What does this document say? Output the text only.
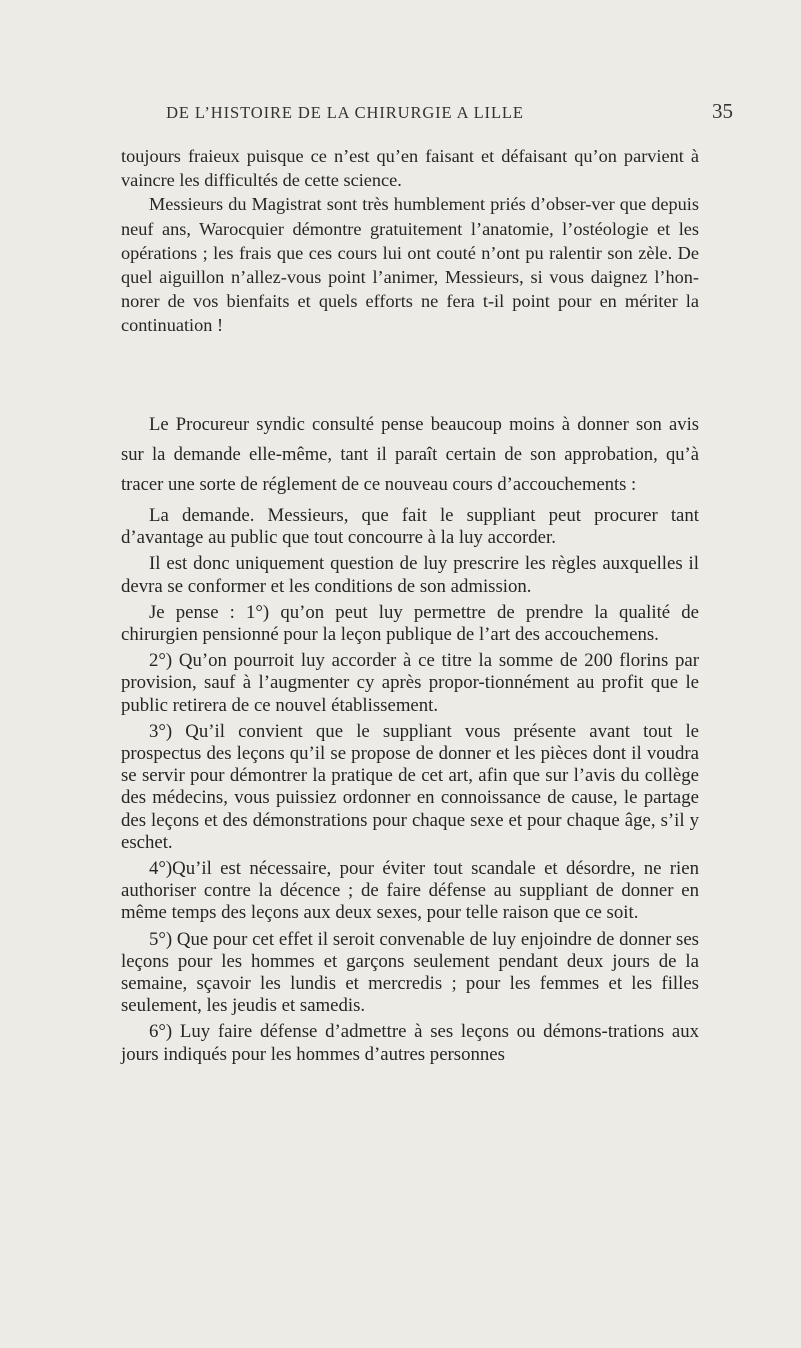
DE L’HISTOIRE DE LA CHIRURGIE A LILLE	35

toujours fraieux puisque ce n’est qu’en faisant et défaisant qu’on parvient à vaincre les difficultés de cette science.

Messieurs du Magistrat sont très humblement priés d’obser-ver que depuis neuf ans, Warocquier démontre gratuitement l’anatomie, l’ostéologie et les opérations ; les frais que ces cours lui ont couté n’ont pu ralentir son zèle. De quel aiguillon n’allez-vous point l’animer, Messieurs, si vous daignez l’hon-norer de vos bienfaits et quels efforts ne fera t-il point pour en mériter la continuation !

Le Procureur syndic consulté pense beaucoup moins à donner son avis sur la demande elle-même, tant il paraît certain de son approbation, qu’à tracer une sorte de réglement de ce nouveau cours d’accouchements :

La demande. Messieurs, que fait le suppliant peut procurer tant d’avantage au public que tout concourre à la luy accorder.

Il est donc uniquement question de luy prescrire les règles auxquelles il devra se conformer et les conditions de son admission.

Je pense : 1°) qu’on peut luy permettre de prendre la qualité de chirurgien pensionné pour la leçon publique de l’art des accouchemens.

2°) Qu’on pourroit luy accorder à ce titre la somme de 200 florins par provision, sauf à l’augmenter cy après propor-tionnément au profit que le public retirera de ce nouvel établissement.

3°) Qu’il convient que le suppliant vous présente avant tout le prospectus des leçons qu’il se propose de donner et les pièces dont il voudra se servir pour démontrer la pratique de cet art, afin que sur l’avis du collège des médecins, vous puissiez ordonner en connoissance de cause, le partage des leçons et des démonstrations pour chaque sexe et pour chaque âge, s’il y eschet.

4°)Qu’il est nécessaire, pour éviter tout scandale et désordre, ne rien authoriser contre la décence ; de faire défense au suppliant de donner en même temps des leçons aux deux sexes, pour telle raison que ce soit.

5°) Que pour cet effet il seroit convenable de luy enjoindre de donner ses leçons pour les hommes et garçons seulement pendant deux jours de la semaine, sçavoir les lundis et mercredis ; pour les femmes et les filles seulement, les jeudis et samedis.

6°) Luy faire défense d’admettre à ses leçons ou démons-trations aux jours indiqués pour les hommes d’autres personnes
